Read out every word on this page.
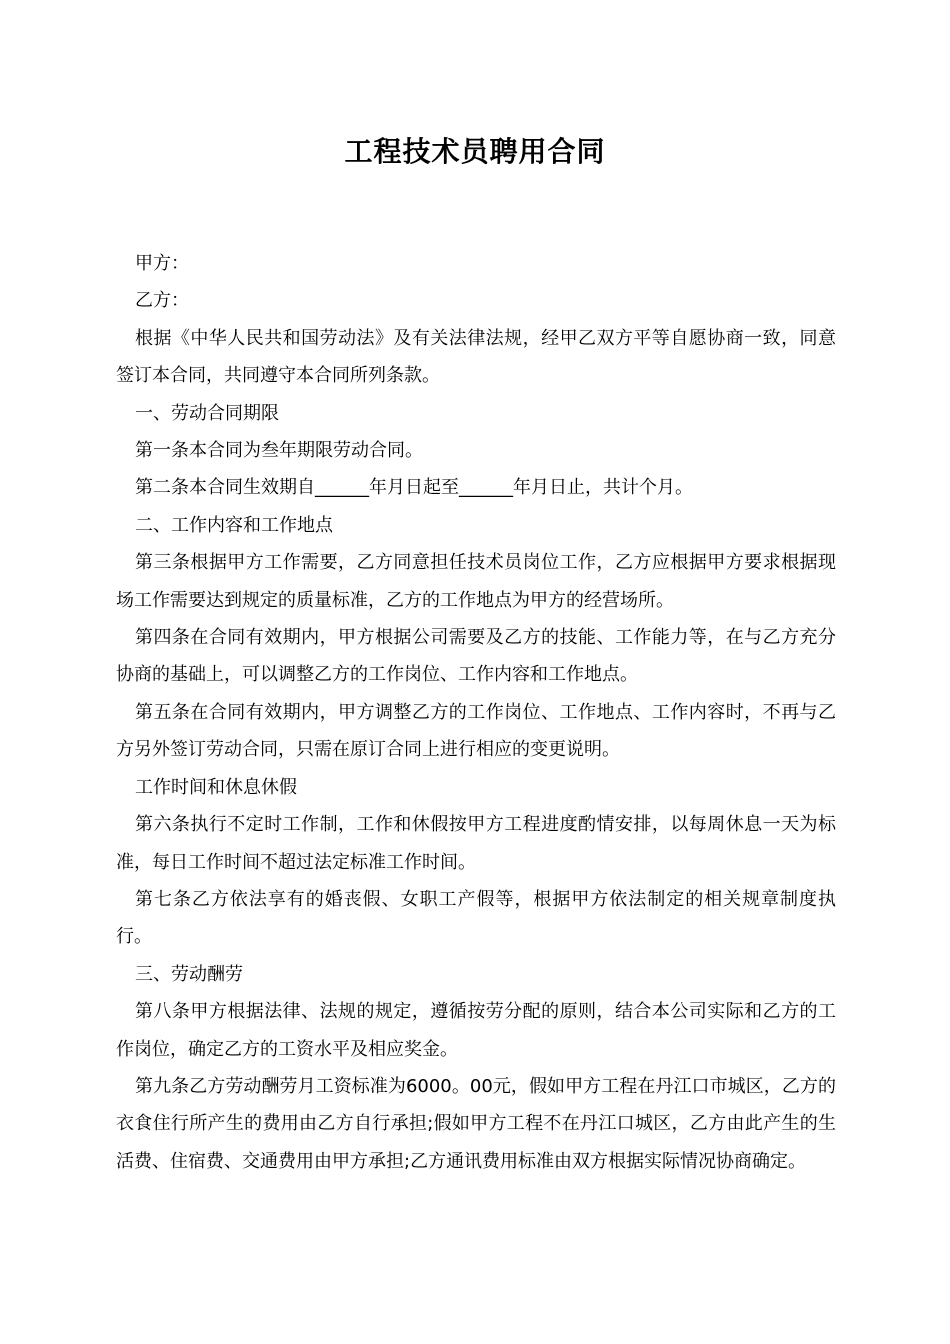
工程技术员聘用合同

甲方：

乙方：

根据《中华人民共和国劳动法》及有关法律法规，经甲乙双方平等自愿协商一致，同意签订本合同，共同遵守本合同所列条款。

一、劳动合同期限

第一条本合同为叁年期限劳动合同。

第二条本合同生效期自______年月日起至______年月日止，共计个月。

二、工作内容和工作地点

第三条根据甲方工作需要，乙方同意担任技术员岗位工作，乙方应根据甲方要求根据现场工作需要达到规定的质量标准，乙方的工作地点为甲方的经营场所。

第四条在合同有效期内，甲方根据公司需要及乙方的技能、工作能力等，在与乙方充分协商的基础上，可以调整乙方的工作岗位、工作内容和工作地点。

第五条在合同有效期内，甲方调整乙方的工作岗位、工作地点、工作内容时，不再与乙方另外签订劳动合同，只需在原订合同上进行相应的变更说明。

工作时间和休息休假

第六条执行不定时工作制，工作和休假按甲方工程进度酌情安排，以每周休息一天为标准，每日工作时间不超过法定标准工作时间。

第七条乙方依法享有的婚丧假、女职工产假等，根据甲方依法制定的相关规章制度执行。

三、劳动酬劳

第八条甲方根据法律、法规的规定，遵循按劳分配的原则，结合本公司实际和乙方的工作岗位，确定乙方的工资水平及相应奖金。

第九条乙方劳动酬劳月工资标准为6000。00元，假如甲方工程在丹江口市城区，乙方的衣食住行所产生的费用由乙方自行承担;假如甲方工程不在丹江口城区，乙方由此产生的生活费、住宿费、交通费用由甲方承担;乙方通讯费用标准由双方根据实际情况协商确定。
